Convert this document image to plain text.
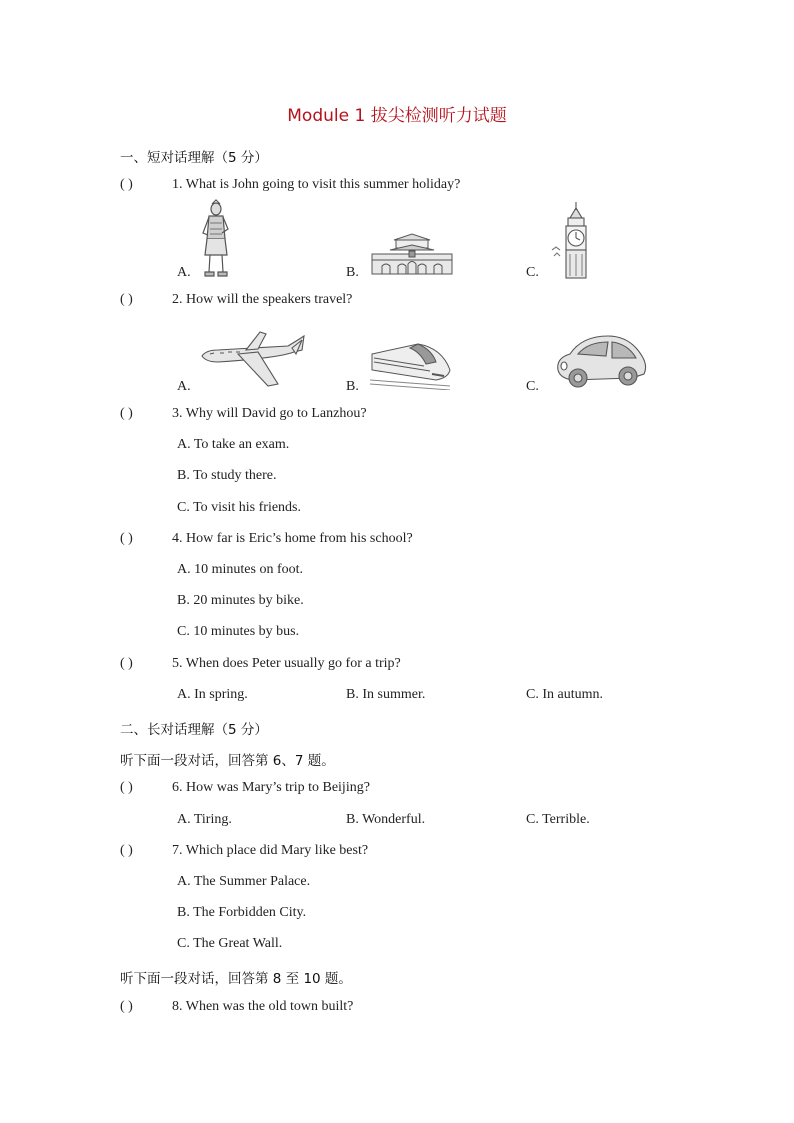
Module 1 拔尖检测听力试题
一、短对话理解（5 分）
( )	1. What is John going to visit this summer holiday?
A.	B.	C.
( )	2. How will the speakers travel?
A.	B.	C.
( )	3. Why will David go to Lanzhou?
A. To take an exam.
B. To study there.
C. To visit his friends.
( )	4. How far is Eric’s home from his school?
A. 10 minutes on foot.
B. 20 minutes by bike.
C. 10 minutes by bus.
( )	5. When does Peter usually go for a trip?
A. In spring.	B. In summer.	C. In autumn.
二、长对话理解（5 分）
听下面一段对话，回答第 6、7 题。
( )	6. How was Mary’s trip to Beijing?
A. Tiring.	B. Wonderful.	C. Terrible.
( )	7. Which place did Mary like best?
A. The Summer Palace.
B. The Forbidden City.
C. The Great Wall.
听下面一段对话，回答第 8 至 10 题。
( )	8. When was the old town built?
